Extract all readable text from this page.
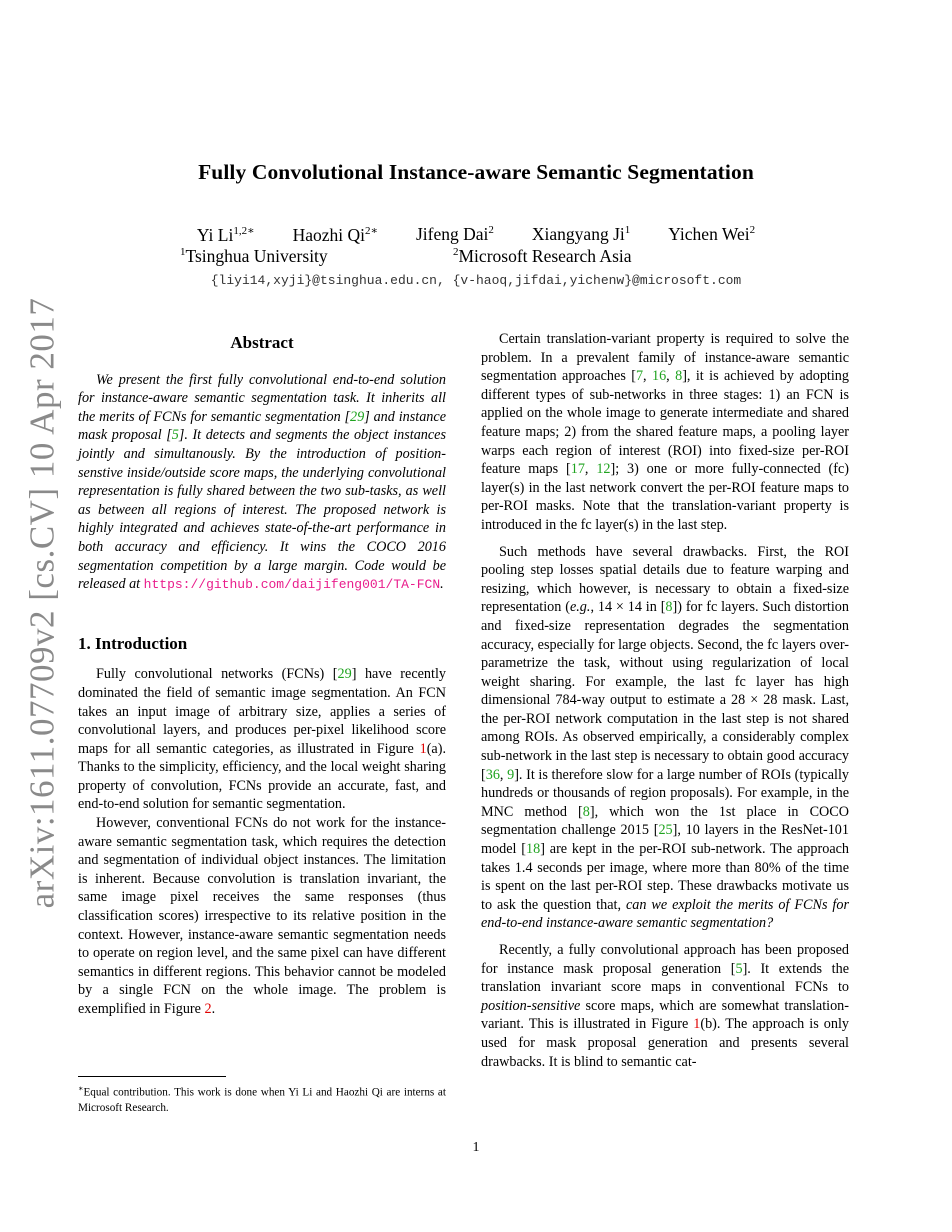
arXiv:1611.07709v2 [cs.CV] 10 Apr 2017
Fully Convolutional Instance-aware Semantic Segmentation
Yi $Li^{1,2∗}$ Haozhi $Qi^{2∗}$ Jifeng Dai$^2$ Xiangyang Ji$^1$ Yichen Wei$^2$
$^1$Tsinghua University	$^2$Microsoft Research Asia
{liyi14,xyji}@tsinghua.edu.cn, {v-haoq,jifdai,yichenw}@microsoft.com
Abstract

We present the first fully convolutional end-to-end solution for instance-aware semantic segmentation task. It inherits all the merits of FCNs for semantic segmentation [29] and instance mask proposal [5]. It detects and segments the object instances jointly and simultanously. By the introduction of position-senstive inside/outside score maps, the underlying convolutional representation is fully shared between the two sub-tasks, as well as between all regions of interest. The proposed network is highly integrated and achieves state-of-the-art performance in both accuracy and efficiency. It wins the COCO 2016 segmentation competition by a large margin. Code would be released at https://github.com/daijifeng001/TA-FCN.

1. Introduction

Fully convolutional networks (FCNs) [29] have recently dominated the field of semantic image segmentation. An FCN takes an input image of arbitrary size, applies a series of convolutional layers, and produces per-pixel likelihood score maps for all semantic categories, as illustrated in Figure 1(a). Thanks to the simplicity, efficiency, and the local weight sharing property of convolution, FCNs provide an accurate, fast, and end-to-end solution for semantic segmentation.

However, conventional FCNs do not work for the instance-aware semantic segmentation task, which requires the detection and segmentation of individual object instances. The limitation is inherent. Because convolution is translation invariant, the same image pixel receives the same responses (thus classification scores) irrespective to its relative position in the context. However, instance-aware semantic segmentation needs to operate on region level, and the same pixel can have different semantics in different regions. This behavior cannot be modeled by a single FCN on the whole image. The problem is exemplified in Figure 2.

Certain translation-variant property is required to solve the problem. In a prevalent family of instance-aware semantic segmentation approaches [7, 16, 8], it is achieved by adopting different types of sub-networks in three stages: 1) an FCN is applied on the whole image to generate intermediate and shared feature maps; 2) from the shared feature maps, a pooling layer warps each region of interest (ROI) into fixed-size per-ROI feature maps [17, 12]; 3) one or more fully-connected (fc) layer(s) in the last network convert the per-ROI feature maps to per-ROI masks. Note that the translation-variant property is introduced in the fc layer(s) in the last step.

Such methods have several drawbacks. First, the ROI pooling step losses spatial details due to feature warping and resizing, which however, is necessary to obtain a fixed-size representation (e.g., 14 × 14 in [8]) for fc layers. Such distortion and fixed-size representation degrades the segmentation accuracy, especially for large objects. Second, the fc layers over-parametrize the task, without using regularization of local weight sharing. For example, the last fc layer has high dimensional 784-way output to estimate a 28 × 28 mask. Last, the per-ROI network computation in the last step is not shared among ROIs. As observed empirically, a considerably complex sub-network in the last step is necessary to obtain good accuracy [36, 9]. It is therefore slow for a large number of ROIs (typically hundreds or thousands of region proposals). For example, in the MNC method [8], which won the 1st place in COCO segmentation challenge 2015 [25], 10 layers in the ResNet-101 model [18] are kept in the per-ROI sub-network. The approach takes 1.4 seconds per image, where more than 80% of the time is spent on the last per-ROI step. These drawbacks motivate us to ask the question that, can we exploit the merits of FCNs for end-to-end instance-aware semantic segmentation?

Recently, a fully convolutional approach has been proposed for instance mask proposal generation [5]. It extends the translation invariant score maps in conventional FCNs to position-sensitive score maps, which are somewhat translation-variant. This is illustrated in Figure 1(b). The approach is only used for mask proposal generation and presents several drawbacks. It is blind to semantic cat-

∗Equal contribution. This work is done when Yi Li and Haozhi Qi are interns at Microsoft Research.
1
